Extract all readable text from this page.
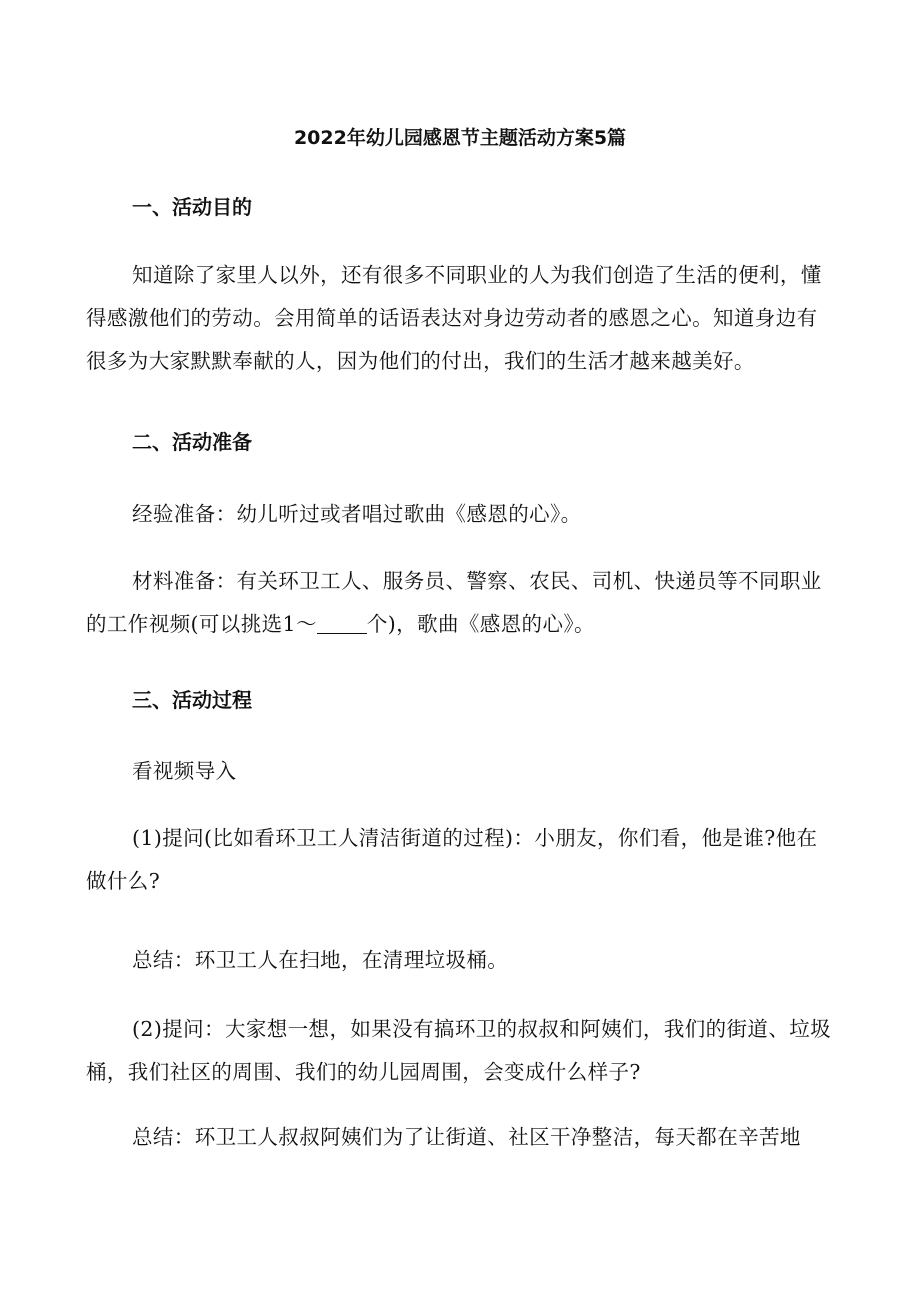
2022年幼儿园感恩节主题活动方案5篇
一、活动目的

知道除了家里人以外，还有很多不同职业的人为我们创造了生活的便利，懂得感激他们的劳动。会用简单的话语表达对身边劳动者的感恩之心。知道身边有很多为大家默默奉献的人，因为他们的付出，我们的生活才越来越美好。

二、活动准备

经验准备：幼儿听过或者唱过歌曲《感恩的心》。

材料准备：有关环卫工人、服务员、警察、农民、司机、快递员等不同职业的工作视频(可以挑选1～ 个)，歌曲《感恩的心》。

三、活动过程

看视频导入

(1)提问(比如看环卫工人清洁街道的过程)：小朋友，你们看，他是谁?他在做什么?

总结：环卫工人在扫地，在清理垃圾桶。

(2)提问：大家想一想，如果没有搞环卫的叔叔和阿姨们，我们的街道、垃圾桶，我们社区的周围、我们的幼儿园周围，会变成什么样子?

总结：环卫工人叔叔阿姨们为了让街道、社区干净整洁，每天都在辛苦地
